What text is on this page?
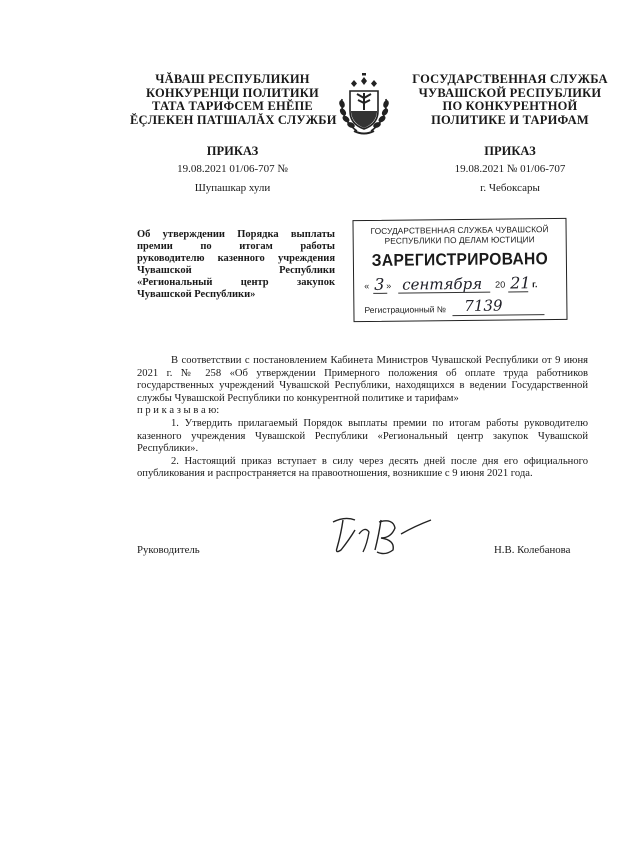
ЧĂВАШ РЕСПУБЛИКИН
КОНКУРЕНЦИ ПОЛИТИКИ
ТАТА ТАРИФСЕМ ЕНĔПЕ
ĔÇЛЕКЕН ПАТШАЛĂХ СЛУЖБИ
ПРИКАЗ
19.08.2021 01/06-707 №
Шупашкар хули
ГОСУДАРСТВЕННАЯ СЛУЖБА
ЧУВАШСКОЙ РЕСПУБЛИКИ
ПО КОНКУРЕНТНОЙ
ПОЛИТИКЕ И ТАРИФАМ
ПРИКАЗ
19.08.2021 № 01/06-707
г. Чебоксары
Об утверждении Порядка выплаты
премии по итогам работы
руководителю казенного учреждения
Чувашской Республики
«Региональный центр закупок
Чувашской Республики»
ГОСУДАРСТВЕННАЯ СЛУЖБА ЧУВАШСКОЙ
РЕСПУБЛИКИ ПО ДЕЛАМ ЮСТИЦИИ
ЗАРЕГИСТРИРОВАНО
« 3 » сентября 20 21 г.
Регистрационный № 7139

В соответствии с постановлением Кабинета Министров Чувашской Республики от 9 июня 2021 г. № 258 «Об утверждении Примерного положения об оплате труда работников государственных учреждений Чувашской Республики, находящихся в ведении Государственной службы Чувашской Республики по конкурентной политике и тарифам»

п р и к а з ы в а ю:

1. Утвердить прилагаемый Порядок выплаты премии по итогам работы руководителю казенного учреждения Чувашской Республики «Региональный центр закупок Чувашской Республики».

2. Настоящий приказ вступает в силу через десять дней после дня его официального опубликования и распространяется на правоотношения, возникшие с 9 июня 2021 года.

Руководитель	Н.В. Колебанова
